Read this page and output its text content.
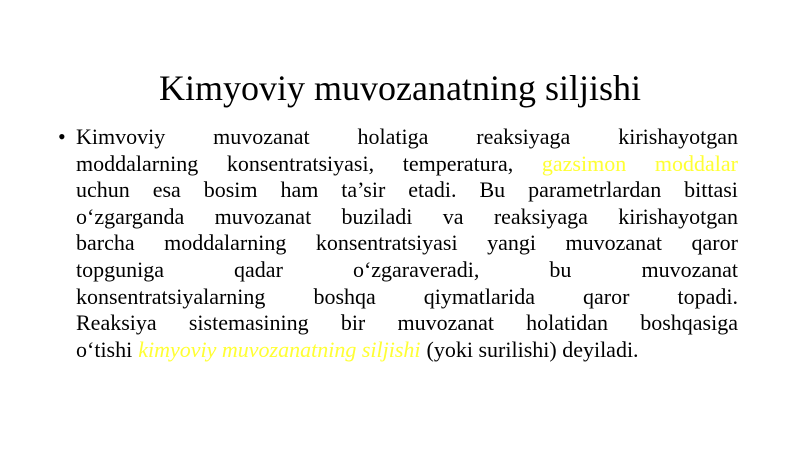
Kimyoviy muvozanatning siljishi
• Kimvoviy muvozanat holatiga reaksiyaga kirishayotgan
moddalarning konsentratsiyasi, temperatura, gazsimon moddalar
uchun esa bosim ham ta’sir etadi. Bu parametrlardan bittasi
o‘zgarganda muvozanat buziladi va reaksiyaga kirishayotgan
barcha moddalarning konsentratsiyasi yangi muvozanat qaror
topguniga	qadar	o‘zgaraveradi,	bu	muvozanat
konsentratsiyalarning boshqa qiymatlarida qaror topadi.
Reaksiya sistemasining bir muvozanat holatidan boshqasiga
o‘tishi kimyoviy muvozanatning siljishi (yoki surilishi) deyiladi.
